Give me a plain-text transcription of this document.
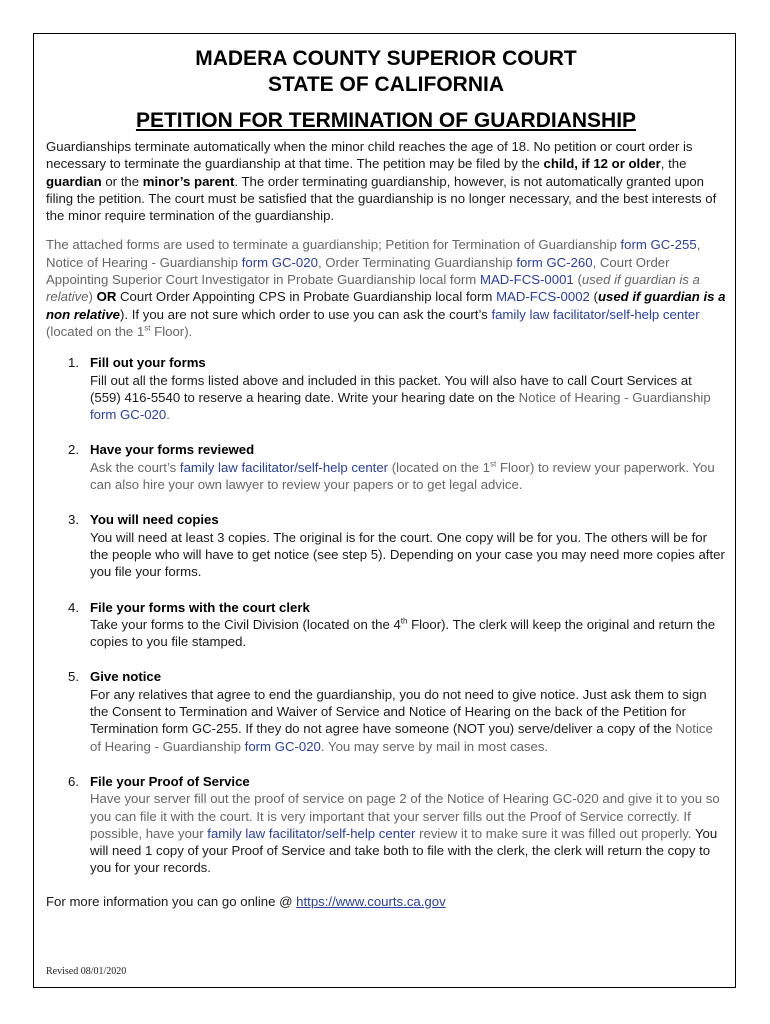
MADERA COUNTY SUPERIOR COURT
STATE OF CALIFORNIA
PETITION FOR TERMINATION OF GUARDIANSHIP

Guardianships terminate automatically when the minor child reaches the age of 18. No petition or court order is necessary to terminate the guardianship at that time. The petition may be filed by the child, if 12 or older, the guardian or the minor’s parent. The order terminating guardianship, however, is not automatically granted upon filing the petition. The court must be satisfied that the guardianship is no longer necessary, and the best interests of the minor require termination of the guardianship.

The attached forms are used to terminate a guardianship; Petition for Termination of Guardianship form GC-255, Notice of Hearing - Guardianship form GC-020, Order Terminating Guardianship form GC-260, Court Order Appointing Superior Court Investigator in Probate Guardianship local form MAD-FCS-0001 (used if guardian is a relative) OR Court Order Appointing CPS in Probate Guardianship local form MAD-FCS-0002 (used if guardian is a non relative). If you are not sure which order to use you can ask the court’s family law facilitator/self-help center (located on the 1st Floor).

1. Fill out your forms
Fill out all the forms listed above and included in this packet. You will also have to call Court Services at (559) 416-5540 to reserve a hearing date. Write your hearing date on the Notice of Hearing - Guardianship form GC-020.
2. Have your forms reviewed
Ask the court’s family law facilitator/self-help center (located on the 1st Floor) to review your paperwork. You can also hire your own lawyer to review your papers or to get legal advice.
3. You will need copies
You will need at least 3 copies. The original is for the court. One copy will be for you. The others will be for the people who will have to get notice (see step 5). Depending on your case you may need more copies after you file your forms.
4. File your forms with the court clerk
Take your forms to the Civil Division (located on the 4th Floor). The clerk will keep the original and return the copies to you file stamped.
5. Give notice
For any relatives that agree to end the guardianship, you do not need to give notice. Just ask them to sign the Consent to Termination and Waiver of Service and Notice of Hearing on the back of the Petition for Termination form GC-255. If they do not agree have someone (NOT you) serve/deliver a copy of the Notice of Hearing - Guardianship form GC-020. You may serve by mail in most cases.
6. File your Proof of Service
Have your server fill out the proof of service on page 2 of the Notice of Hearing GC-020 and give it to you so you can file it with the court. It is very important that your server fills out the Proof of Service correctly. If possible, have your family law facilitator/self-help center review it to make sure it was filled out properly. You will need 1 copy of your Proof of Service and take both to file with the clerk, the clerk will return the copy to you for your records.

For more information you can go online @ https://www.courts.ca.gov

Revised 08/01/2020
